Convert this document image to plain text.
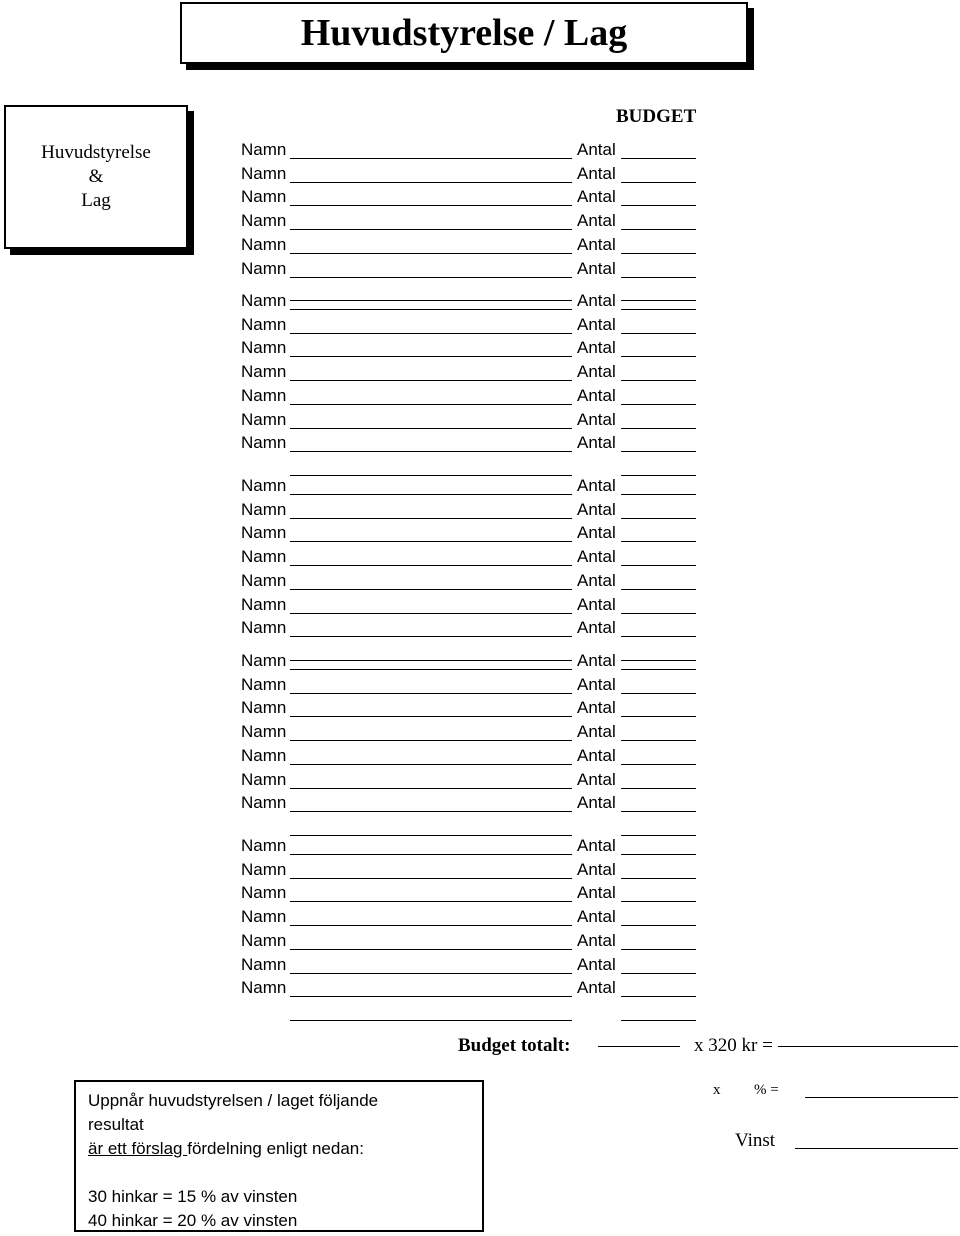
Huvudstyrelse / Lag
Huvudstyrelse
&
Lag
BUDGET
Namn	Antal
Namn	Antal
Namn	Antal
Namn	Antal
Namn	Antal
Namn	Antal
Namn	Antal
Namn	Antal
Namn	Antal
Namn	Antal
Namn	Antal
Namn	Antal
Namn	Antal
Namn	Antal
Namn	Antal
Namn	Antal
Namn	Antal
Namn	Antal
Namn	Antal
Namn	Antal
Namn	Antal
Namn	Antal
Namn	Antal
Namn	Antal
Namn	Antal
Namn	Antal
Namn	Antal
Namn	Antal
Namn	Antal
Namn	Antal
Namn	Antal
Namn	Antal
Namn	Antal
Namn	Antal
Budget totalt:	x 320 kr =
Uppnår huvudstyrelsen / laget följande
resultat
är ett förslag fördelning enligt nedan:
30 hinkar = 15 % av vinsten
40 hinkar = 20 % av vinsten
x % =
Vinst
